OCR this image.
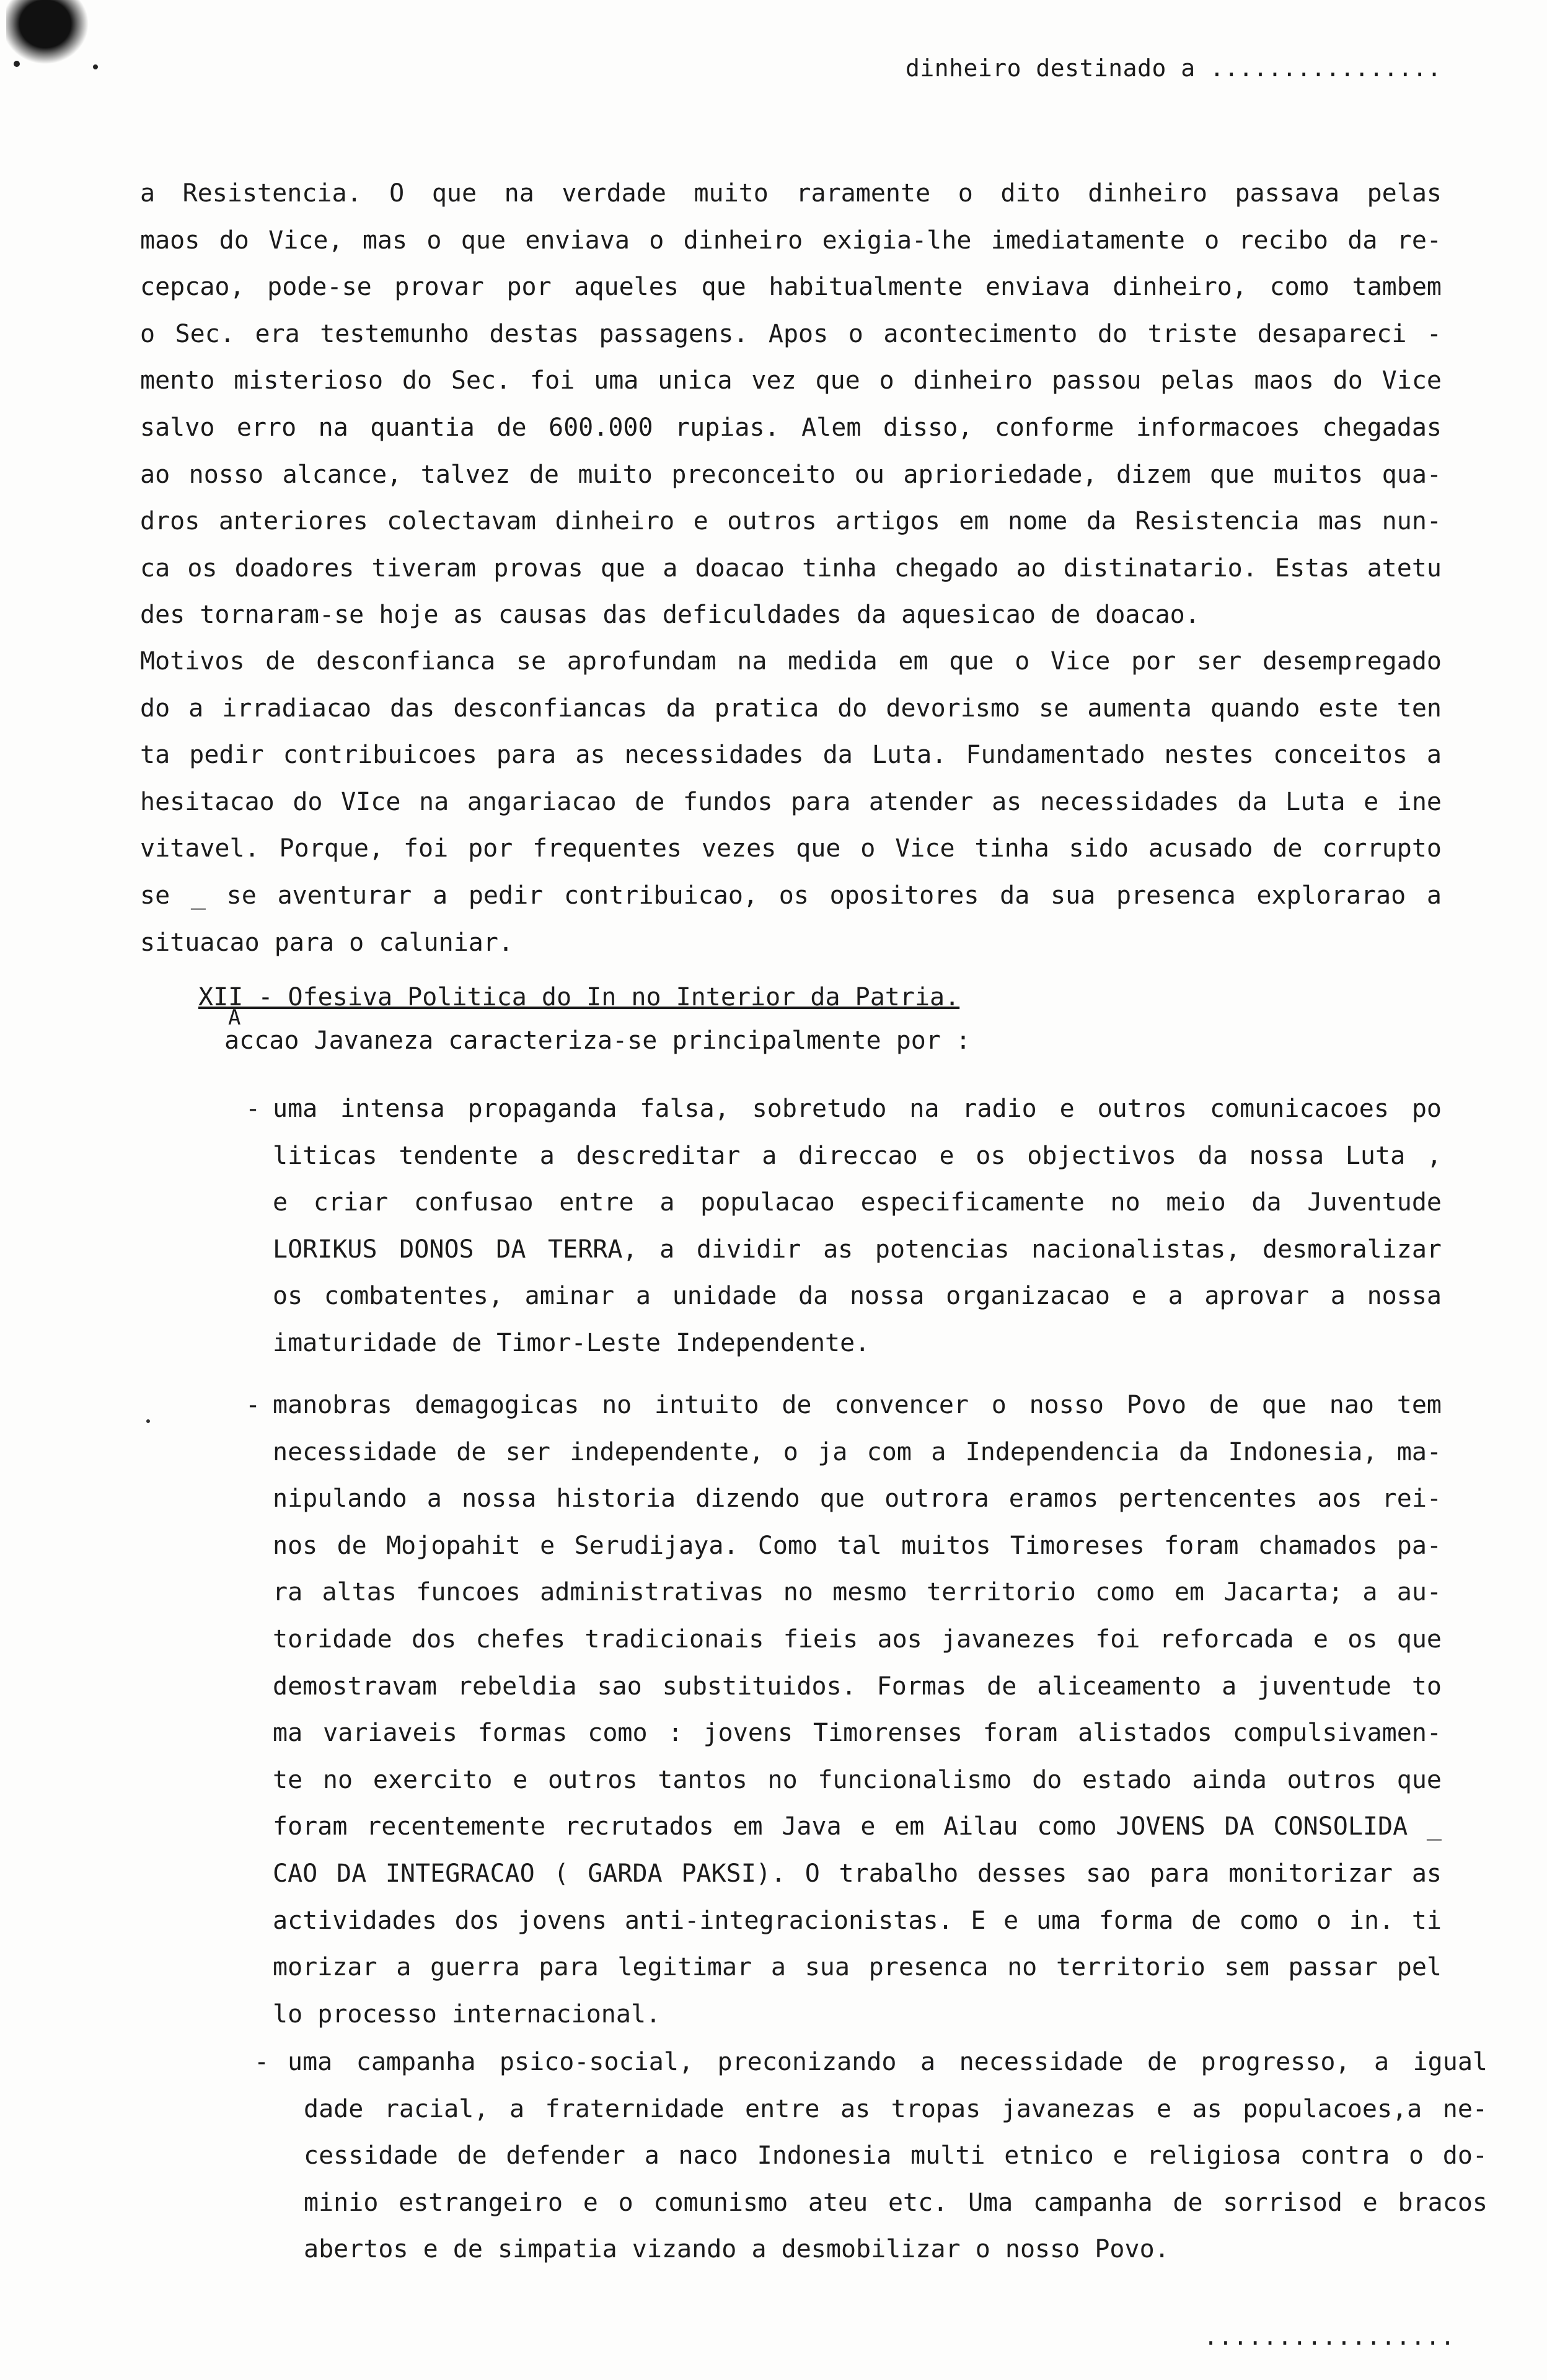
dinheiro destinado a ................
a Resistencia. O que na verdade muito raramente o dito dinheiro passava pelas
maos do Vice, mas o que enviava o dinheiro exigia-lhe imediatamente o recibo da re-
cepcao, pode-se provar por aqueles que habitualmente enviava dinheiro, como tambem
o Sec. era testemunho destas passagens. Apos o acontecimento do triste desapareci -
mento misterioso do Sec. foi uma unica vez que o dinheiro passou pelas maos do Vice
salvo erro na quantia de 600.000 rupias. Alem disso, conforme informacoes chegadas
ao nosso alcance, talvez de muito preconceito ou aprioriedade, dizem que muitos qua-
dros anteriores colectavam dinheiro e outros artigos em nome da Resistencia mas nun-
ca os doadores tiveram provas que a doacao tinha chegado ao distinatario. Estas atetu
des tornaram-se hoje as causas das deficuldades da aquesicao de doacao.
Motivos de desconfianca se aprofundam na medida em que o Vice por ser desempregado
do a irradiacao das desconfiancas da pratica do devorismo se aumenta quando este ten
ta pedir contribuicoes para as necessidades da Luta. Fundamentado nestes conceitos a
hesitacao do VIce na angariacao de fundos para atender as necessidades da Luta e ine
vitavel. Porque, foi por frequentes vezes que o Vice tinha sido acusado de corrupto
se _ se aventurar a pedir contribuicao, os opositores da sua presenca explorarao a
situacao para o caluniar.
XII - Ofesiva Politica do In no Interior da Patria.
A
accao Javaneza caracteriza-se principalmente por :
- uma intensa propaganda falsa, sobretudo na radio e outros comunicacoes po
liticas tendente a descreditar a direccao e os objectivos da nossa Luta ,
e criar confusao entre a populacao especificamente no meio da Juventude
LORIKUS DONOS DA TERRA, a dividir as potencias nacionalistas, desmoralizar
os combatentes, aminar a unidade da nossa organizacao e a aprovar a nossa
imaturidade de Timor-Leste Independente.
- manobras demagogicas no intuito de convencer o nosso Povo de que nao tem
necessidade de ser independente, o ja com a Independencia da Indonesia, ma-
nipulando a nossa historia dizendo que outrora eramos pertencentes aos rei-
nos de Mojopahit e Serudijaya. Como tal muitos Timoreses foram chamados pa-
ra altas funcoes administrativas no mesmo territorio como em Jacarta; a au-
toridade dos chefes tradicionais fieis aos javanezes foi reforcada e os que
demostravam rebeldia sao substituidos. Formas de aliceamento a juventude to
ma variaveis formas como : jovens Timorenses foram alistados compulsivamen-
te no exercito e outros tantos no funcionalismo do estado ainda outros que
foram recentemente recrutados em Java e em Ailau como JOVENS DA CONSOLIDA _
CAO DA INTEGRACAO ( GARDA PAKSI). O trabalho desses sao para monitorizar as
actividades dos jovens anti-integracionistas. E e uma forma de como o in. ti
morizar a guerra para legitimar a sua presenca no territorio sem passar pel
lo processo internacional.
- uma campanha psico-social, preconizando a necessidade de progresso, a igual
dade racial, a fraternidade entre as tropas javanezas e as populacoes,a ne-
cessidade de defender a naco Indonesia multi etnico e religiosa contra o do-
minio estrangeiro e o comunismo ateu etc. Uma campanha de sorrisod e bracos
abertos e de simpatia vizando a desmobilizar o nosso Povo.
.................
